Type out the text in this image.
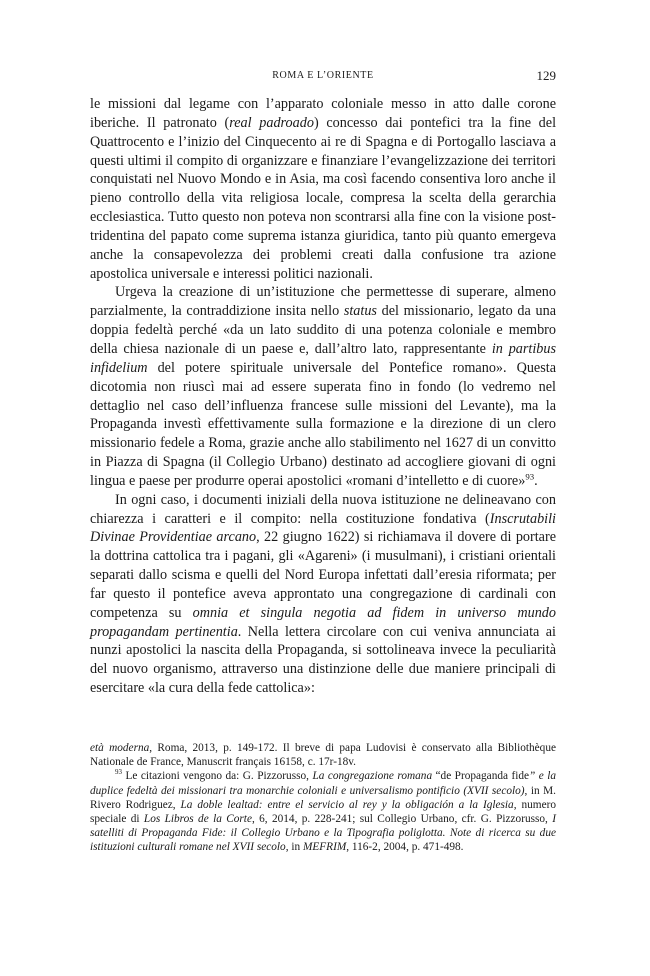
ROMA E L’ORIENTE	129

le missioni dal legame con l’apparato coloniale messo in atto dalle corone iberiche. Il patronato (real padroado) concesso dai pontefici tra la fine del Quattrocento e l’inizio del Cinquecento ai re di Spagna e di Portogallo lasciava a questi ultimi il compito di organizzare e finanziare l’evangelizzazione dei territori conquistati nel Nuovo Mondo e in Asia, ma così facendo consentiva loro anche il pieno controllo della vita religiosa locale, compresa la scelta della gerarchia ecclesiastica. Tutto questo non poteva non scontrarsi alla fine con la visione post-tridentina del papato come suprema istanza giuridica, tanto più quanto emergeva anche la consapevolezza dei problemi creati dalla confusione tra azione apostolica universale e interessi politici nazionali.

Urgeva la creazione di un’istituzione che permettesse di superare, almeno parzialmente, la contraddizione insita nello status del missionario, legato da una doppia fedeltà perché «da un lato suddito di una potenza coloniale e membro della chiesa nazionale di un paese e, dall’altro lato, rappresentante in partibus infidelium del potere spirituale universale del Pontefice romano». Questa dicotomia non riuscì mai ad essere superata fino in fondo (lo vedremo nel dettaglio nel caso dell’influenza francese sulle missioni del Levante), ma la Propaganda investì effettivamente sulla formazione e la direzione di un clero missionario fedele a Roma, grazie anche allo stabilimento nel 1627 di un convitto in Piazza di Spagna (il Collegio Urbano) destinato ad accogliere giovani di ogni lingua e paese per produrre operai apostolici «romani d’intelletto e di cuore»$^{93}$.

In ogni caso, i documenti iniziali della nuova istituzione ne delineavano con chiarezza i caratteri e il compito: nella costituzione fondativa (Inscrutabili Divinae Providentiae arcano, 22 giugno 1622) si richiamava il dovere di portare la dottrina cattolica tra i pagani, gli «Agareni» (i musulmani), i cristiani orientali separati dallo scisma e quelli del Nord Europa infettati dall’eresia riformata; per far questo il pontefice aveva approntato una congregazione di cardinali con competenza su omnia et singula negotia ad fidem in universo mundo propagandam pertinentia. Nella lettera circolare con cui veniva annunciata ai nunzi apostolici la nascita della Propaganda, si sottolineava invece la peculiarità del nuovo organismo, attraverso una distinzione delle due maniere principali di esercitare «la cura della fede cattolica»:

età moderna, Roma, 2013, p. 149-172. Il breve di papa Ludovisi è conservato alla Bibliothèque Nationale de France, Manuscrit français 16158, c. 17r-18v.

$^{93}$ Le citazioni vengono da: G. Pizzorusso, La congregazione romana “de Propaganda fide” e la duplice fedeltà dei missionari tra monarchie coloniali e universalismo pontificio (XVII secolo), in M. Rivero Rodriguez, La doble lealtad: entre el servicio al rey y la obligación a la Iglesia, numero speciale di Los Libros de la Corte, 6, 2014, p. 228-241; sul Collegio Urbano, cfr. G. Pizzorusso, I satelliti di Propaganda Fide: il Collegio Urbano e la Tipografia poliglotta. Note di ricerca su due istituzioni culturali romane nel XVII secolo, in MEFRIM, 116-2, 2004, p. 471-498.
